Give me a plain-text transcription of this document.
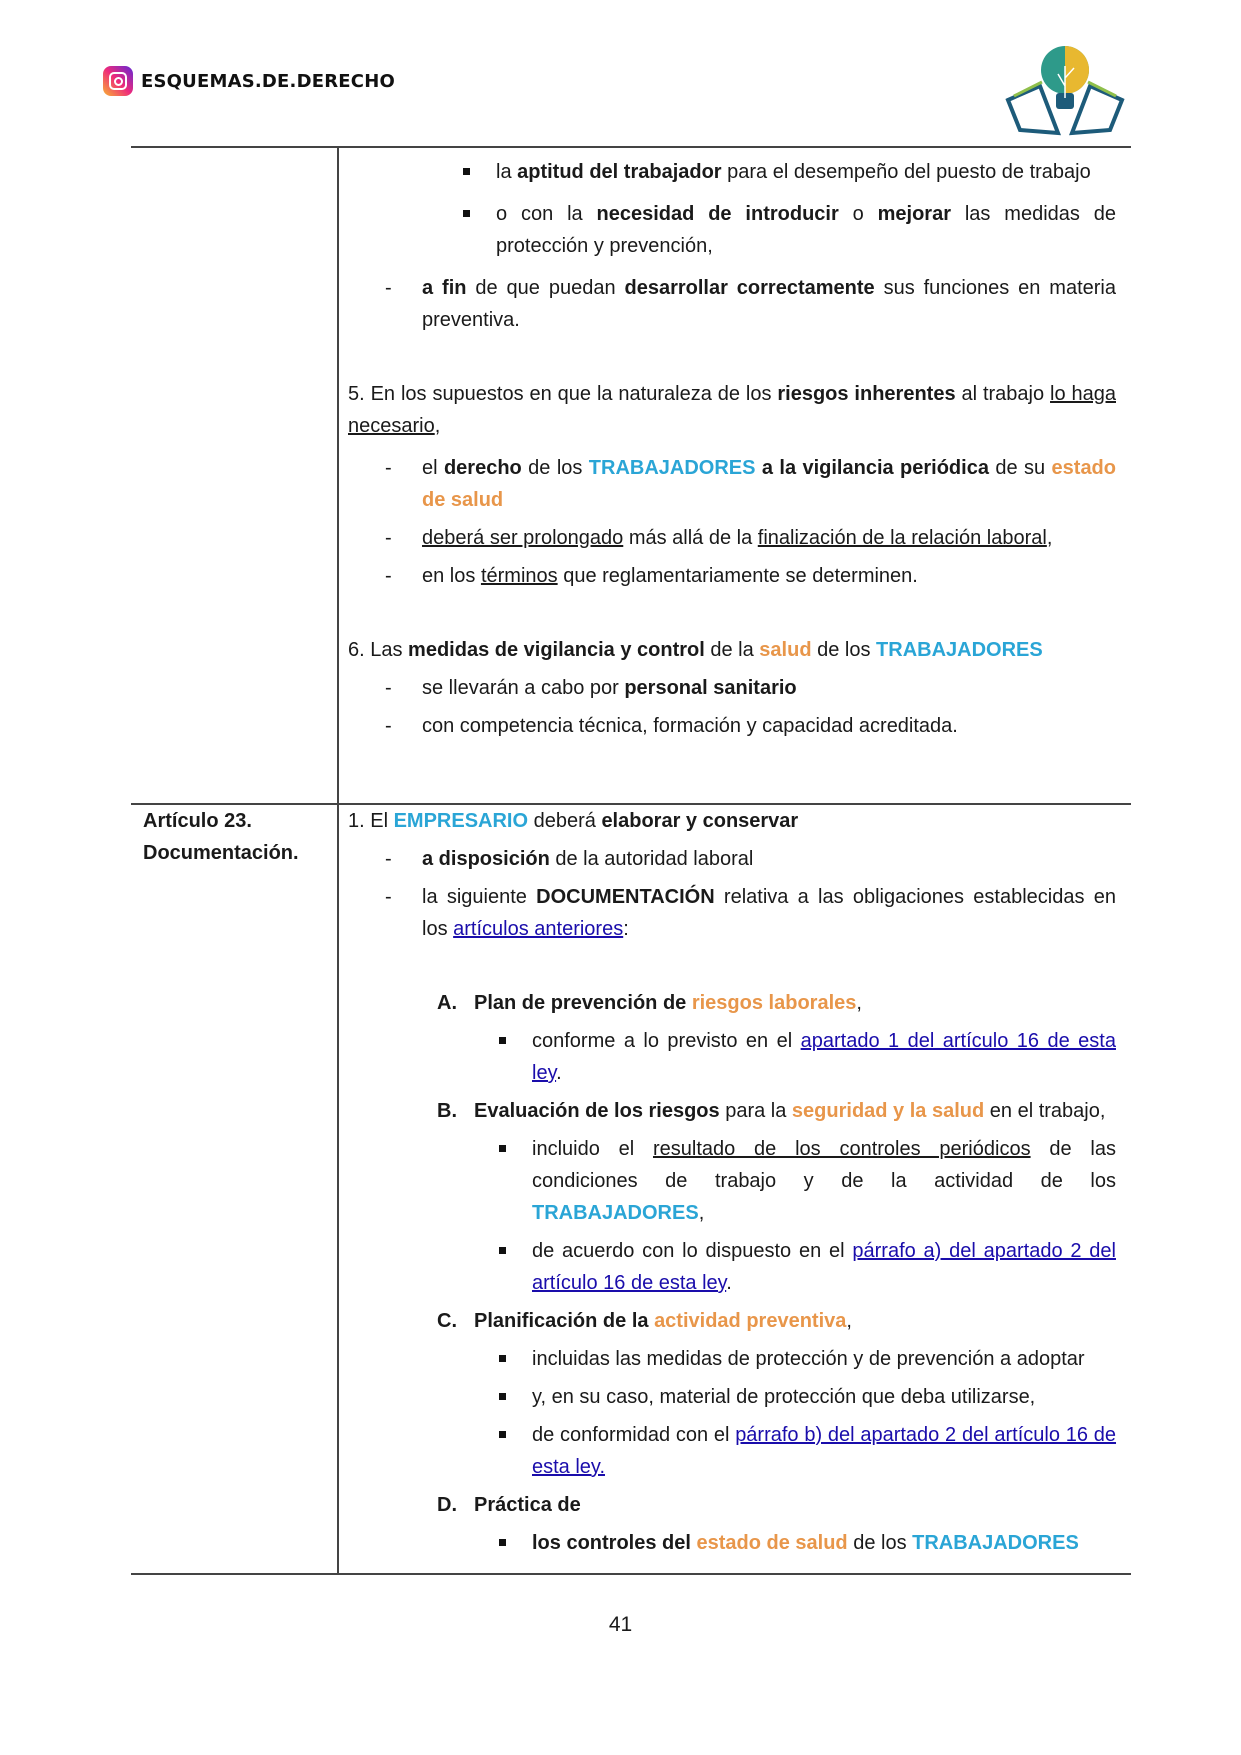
ESQUEMAS.DE.DERECHO
la aptitud del trabajador para el desempeño del puesto de trabajo
o con la necesidad de introducir o mejorar las medidas de protección y prevención,
- a fin de que puedan desarrollar correctamente sus funciones en materia preventiva.
5. En los supuestos en que la naturaleza de los riesgos inherentes al trabajo lo haga necesario,
- el derecho de los TRABAJADORES a la vigilancia periódica de su estado de salud
- deberá ser prolongado más allá de la finalización de la relación laboral,
- en los términos que reglamentariamente se determinen.
6. Las medidas de vigilancia y control de la salud de los TRABAJADORES
- se llevarán a cabo por personal sanitario
- con competencia técnica, formación y capacidad acreditada.
Artículo 23.
Documentación.
1. El EMPRESARIO deberá elaborar y conservar
- a disposición de la autoridad laboral
- la siguiente DOCUMENTACIÓN relativa a las obligaciones establecidas en los artículos anteriores:
A. Plan de prevención de riesgos laborales,
conforme a lo previsto en el apartado 1 del artículo 16 de esta ley.
B. Evaluación de los riesgos para la seguridad y la salud en el trabajo,
incluido el resultado de los controles periódicos de las condiciones de trabajo y de la actividad de los TRABAJADORES,
de acuerdo con lo dispuesto en el párrafo a) del apartado 2 del artículo 16 de esta ley.
C. Planificación de la actividad preventiva,
incluidas las medidas de protección y de prevención a adoptar
y, en su caso, material de protección que deba utilizarse,
de conformidad con el párrafo b) del apartado 2 del artículo 16 de esta ley.
D. Práctica de
los controles del estado de salud de los TRABAJADORES
41
